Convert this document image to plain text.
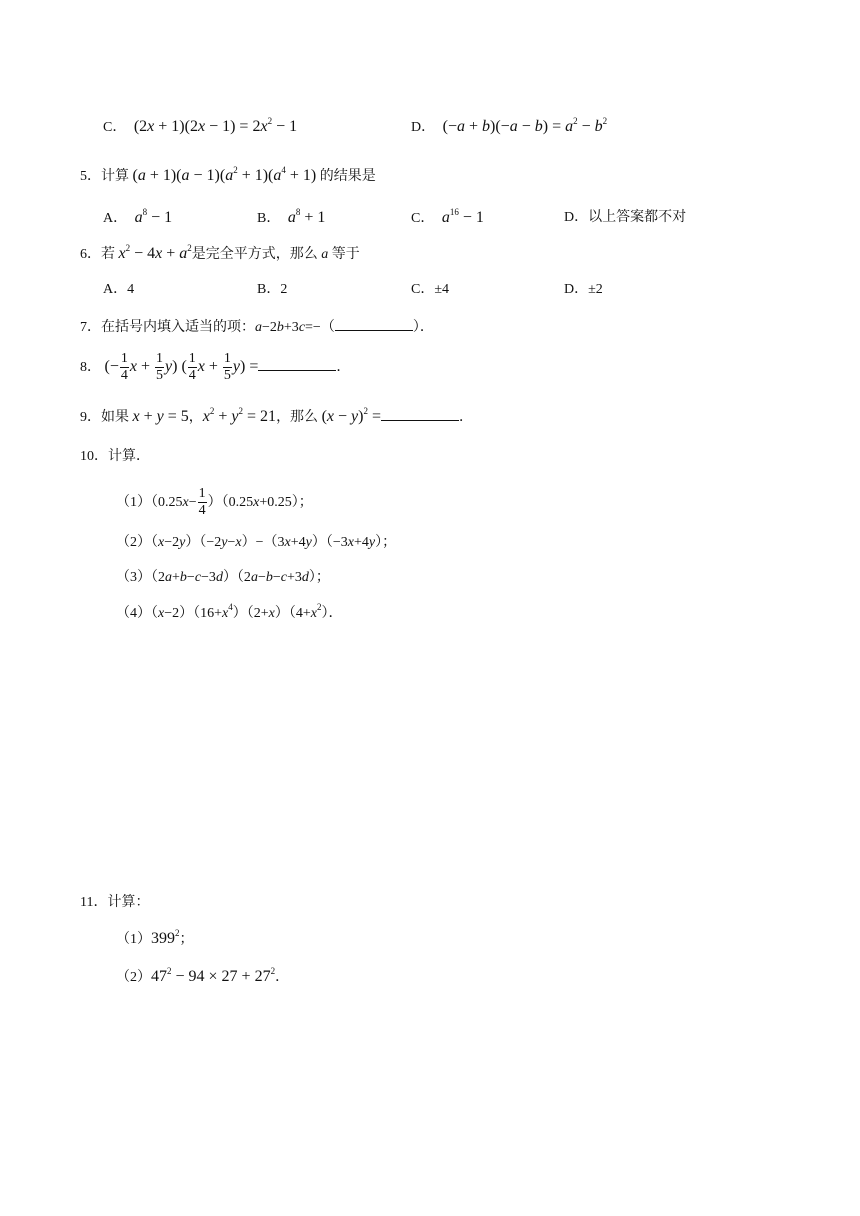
C．  $(2x + 1)(2x - 1) = 2x^2 - 1$	D．  $(-a + b)(-a - b) = a^2 - b^2$
5．计算 $(a + 1)(a - 1)(a^2 + 1)(a^4 + 1)$ 的结果是
A． $a^8 - 1$	B． $a^8 + 1$	C． $a^{16} - 1$	D．以上答案都不对
6．若 $x^2 - 4x + a^2$是完全平方式，那么 a 等于
A．4	B．2	C．±4	D．±2
7．在括号内填入适当的项：a−2b+3c=−（	）．
8． (− $\frac{1}{4}$ $x + \frac{1}{5} y$) ( $\frac{1}{4}$ $x + \frac{1}{5} y$) =	．
9．如果 x + y = 5，$x^2 + y^2 = 21$，那么 $(x - y)^2$ =	．
10．计算．
$(1)(0.25x- \frac{1}{4} )(0.25x+0.25)$；
（2）（x−2y）（−2y−x）−（3x+4y）（−3x+4y）；
（3）（2a+b−c−3d）（2a−b−c+3d）；
$(4)(x-2)(16+x^4)(2+x)(4+x^2)$．
11．计算：
$(1)399^2$；
$(2)47^2 - 94 \times 27 + 27^2$．
